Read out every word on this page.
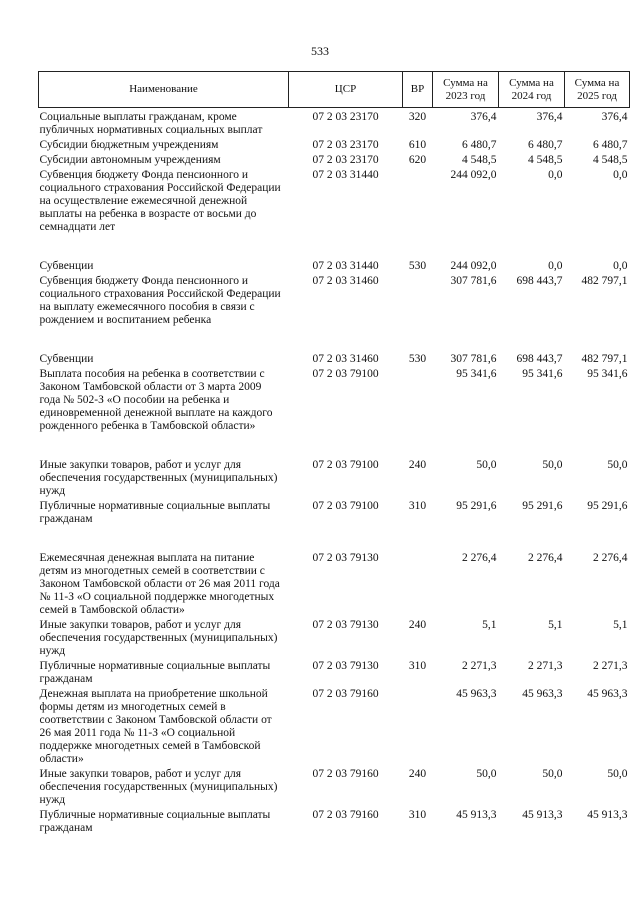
533
Наименование	ЦСР	ВР	Сумма на 2023 год	Сумма на 2024 год	Сумма на 2025 год
Социальные выплаты гражданам, кроме публичных нормативных социальных выплат	07 2 03 23170	320	376,4	376,4	376,4
Субсидии бюджетным учреждениям	07 2 03 23170	610	6 480,7	6 480,7	6 480,7
Субсидии автономным учреждениям	07 2 03 23170	620	4 548,5	4 548,5	4 548,5
Субвенция бюджету Фонда пенсионного и социального страхования Российской Федерации на осуществление ежемесячной денежной выплаты на ребенка в возрасте от восьми до семнадцати лет	07 2 03 31440		244 092,0	0,0	0,0
Субвенции	07 2 03 31440	530	244 092,0	0,0	0,0
Субвенция бюджету Фонда пенсионного и социального страхования Российской Федерации на выплату ежемесячного пособия в связи с рождением и воспитанием ребенка	07 2 03 31460		307 781,6	698 443,7	482 797,1
Субвенции	07 2 03 31460	530	307 781,6	698 443,7	482 797,1
Выплата пособия на ребенка в соответствии с Законом Тамбовской области от 3 марта 2009 года № 502-З «О пособии на ребенка и единовременной денежной выплате на каждого рожденного ребенка в Тамбовской области»	07 2 03 79100		95 341,6	95 341,6	95 341,6
Иные закупки товаров, работ и услуг для обеспечения государственных (муниципальных) нужд	07 2 03 79100	240	50,0	50,0	50,0
Публичные нормативные социальные выплаты гражданам	07 2 03 79100	310	95 291,6	95 291,6	95 291,6
Ежемесячная денежная выплата на питание детям из многодетных семей в соответствии с Законом Тамбовской области от 26 мая 2011 года № 11-З «О социальной поддержке многодетных семей в Тамбовской области»	07 2 03 79130		2 276,4	2 276,4	2 276,4
Иные закупки товаров, работ и услуг для обеспечения государственных (муниципальных) нужд	07 2 03 79130	240	5,1	5,1	5,1
Публичные нормативные социальные выплаты гражданам	07 2 03 79130	310	2 271,3	2 271,3	2 271,3
Денежная выплата на приобретение школьной формы детям из многодетных семей в соответствии с Законом Тамбовской области от 26 мая 2011 года № 11-З «О социальной поддержке многодетных семей в Тамбовской области»	07 2 03 79160		45 963,3	45 963,3	45 963,3
Иные закупки товаров, работ и услуг для обеспечения государственных (муниципальных) нужд	07 2 03 79160	240	50,0	50,0	50,0
Публичные нормативные социальные выплаты гражданам	07 2 03 79160	310	45 913,3	45 913,3	45 913,3
